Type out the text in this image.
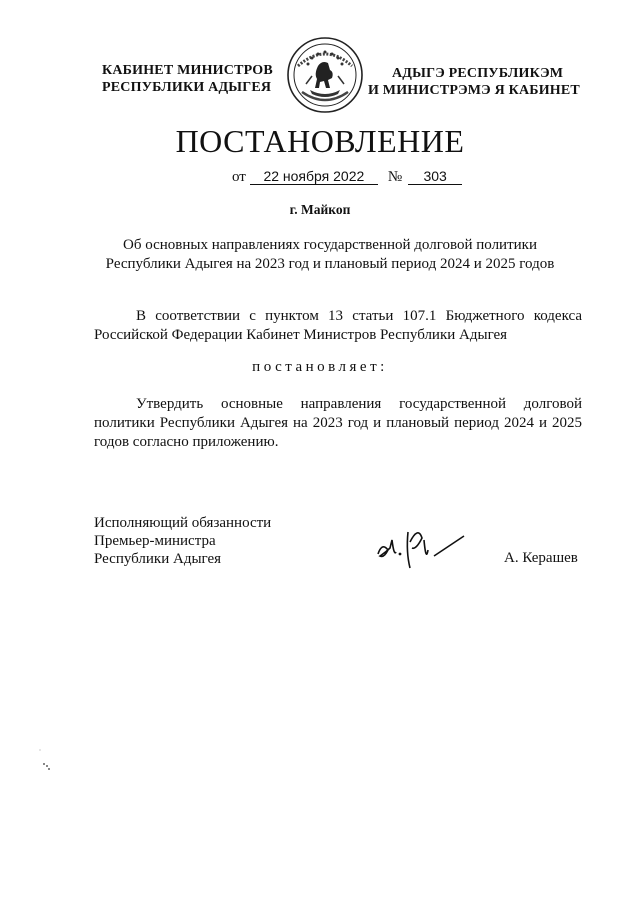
КАБИНЕТ МИНИСТРОВ
РЕСПУБЛИКИ АДЫГЕЯ
АДЫГЭ РЕСПУБЛИКЭМ
И МИНИСТРЭМЭ Я КАБИНЕТ
ПОСТАНОВЛЕНИЕ
от 22 ноября 2022 № 303
г. Майкоп
Об основных направлениях государственной долговой политики
Республики Адыгея на 2023 год и плановый период 2024 и 2025 годов
В соответствии с пунктом 13 статьи 107.1 Бюджетного кодекса Российской Федерации Кабинет Министров Республики Адыгея
постановляет:
Утвердить основные направления государственной долговой политики Республики Адыгея на 2023 год и плановый период 2024 и 2025 годов согласно приложению.
Исполняющий обязанности
Премьер-министра
Республики Адыгея	А. Керашев
